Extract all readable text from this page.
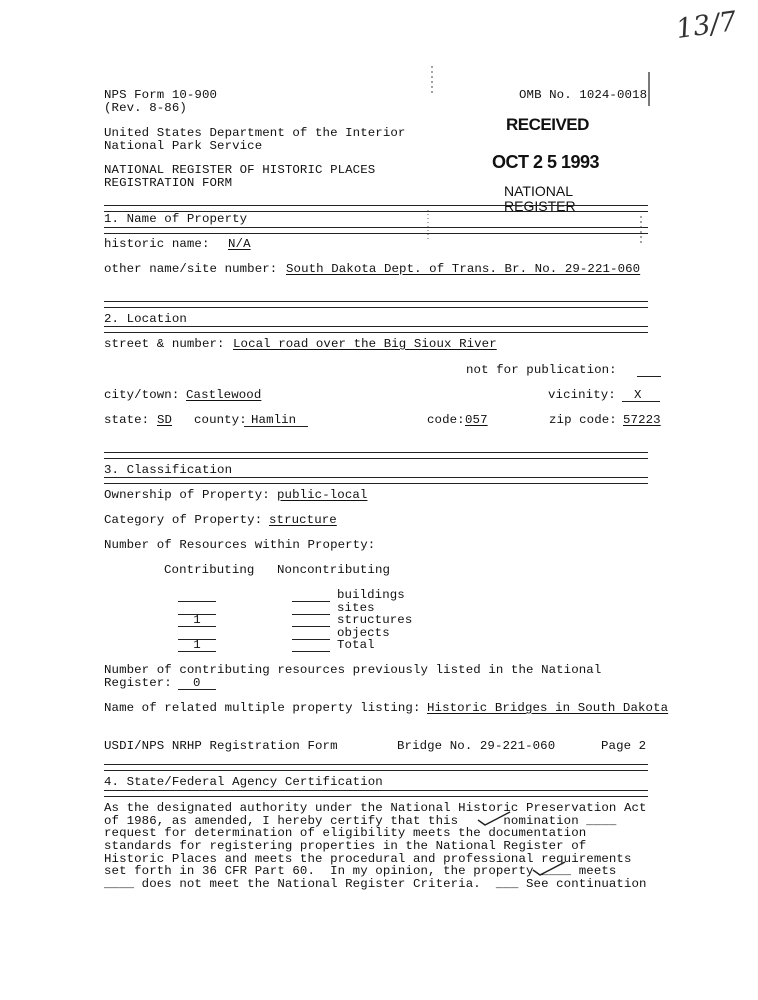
13/7
NPS Form 10-900
(Rev. 8-86)
OMB No. 1024-0018
United States Department of the Interior
National Park Service
NATIONAL REGISTER OF HISTORIC PLACES
REGISTRATION FORM
RECEIVED
OCT 2 5 1993
NATIONAL
REGISTER
1. Name of Property
historic name: N/A
other name/site number: South Dakota Dept. of Trans. Br. No. 29-221-060
2. Location
street & number: Local road over the Big Sioux River
not for publication:
city/town: Castlewood	vicinity: X
state: SD county: Hamlin	code: 057	zip code: 57223
3. Classification
Ownership of Property: public-local
Category of Property: structure
Number of Resources within Property:
Contributing Noncontributing
buildings
sites
1	structures
objects
1	Total
Number of contributing resources previously listed in the National
Register: 0
Name of related multiple property listing: Historic Bridges in South Dakota
USDI/NPS NRHP Registration Form	Bridge No. 29-221-060	Page 2
4. State/Federal Agency Certification
As the designated authority under the National Historic Preservation Act
of 1986, as amended, I hereby certify that this      nomination ____
request for determination of eligibility meets the documentation
standards for registering properties in the National Register of
Historic Places and meets the procedural and professional requirements
set forth in 36 CFR Part 60.  In my opinion, the property ____ meets
____ does not meet the National Register Criteria.  ___ See continuation
